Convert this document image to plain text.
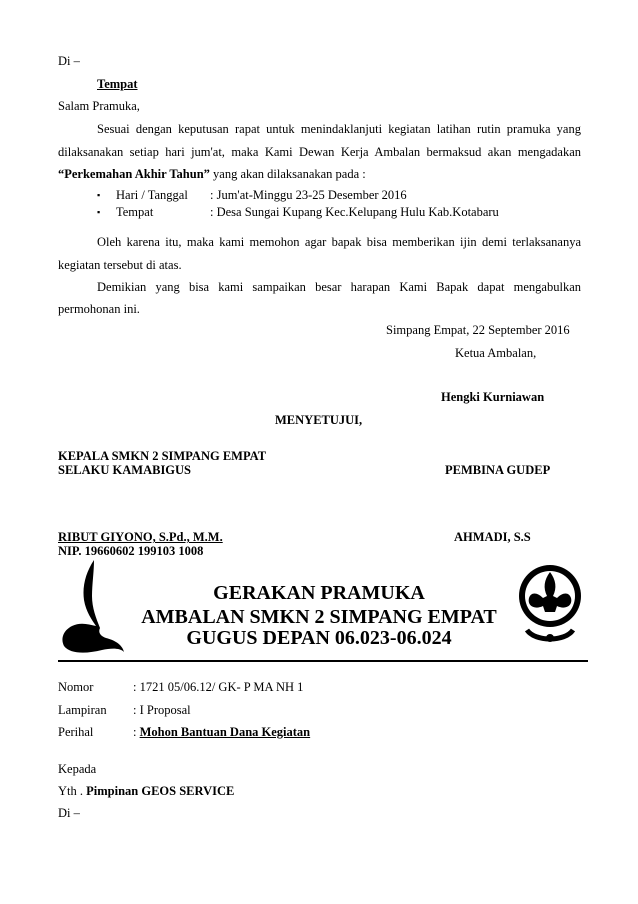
Di –
Tempat
Salam Pramuka,
Sesuai dengan keputusan rapat untuk menindaklanjuti kegiatan latihan rutin pramuka yang
dilaksanakan setiap hari jum'at, maka Kami Dewan Kerja Ambalan bermaksud akan mengadakan
“Perkemahan Akhir Tahun” yang akan dilaksanakan pada :
▪ Hari / Tanggal : Jum'at-Minggu 23-25 Desember 2016
▪ Tempat	: Desa Sungai Kupang Kec.Kelupang Hulu Kab.Kotabaru
Oleh karena itu, maka kami memohon agar bapak bisa memberikan ijin demi terlaksananya
kegiatan tersebut di atas.
Demikian yang bisa kami sampaikan besar harapan Kami Bapak dapat mengabulkan
permohonan ini.
Simpang Empat, 22 September 2016
Ketua Ambalan,
Hengki Kurniawan
MENYETUJUI,
KEPALA SMKN 2 SIMPANG EMPAT
SELAKU KAMABIGUS	PEMBINA GUDEP
RIBUT GIYONO, S.Pd., M.M.
NIP. 19660602 199103 1008
AHMADI, S.S
GERAKAN PRAMUKA
AMBALAN SMKN 2 SIMPANG EMPAT
GUGUS DEPAN 06.023-06.024
Nomor	: 1721 05/06.12/ GK- P MA NH 1
Lampiran : I Proposal
Perihal	: Mohon Bantuan Dana Kegiatan
Kepada
Yth . Pimpinan GEOS SERVICE
Di –
